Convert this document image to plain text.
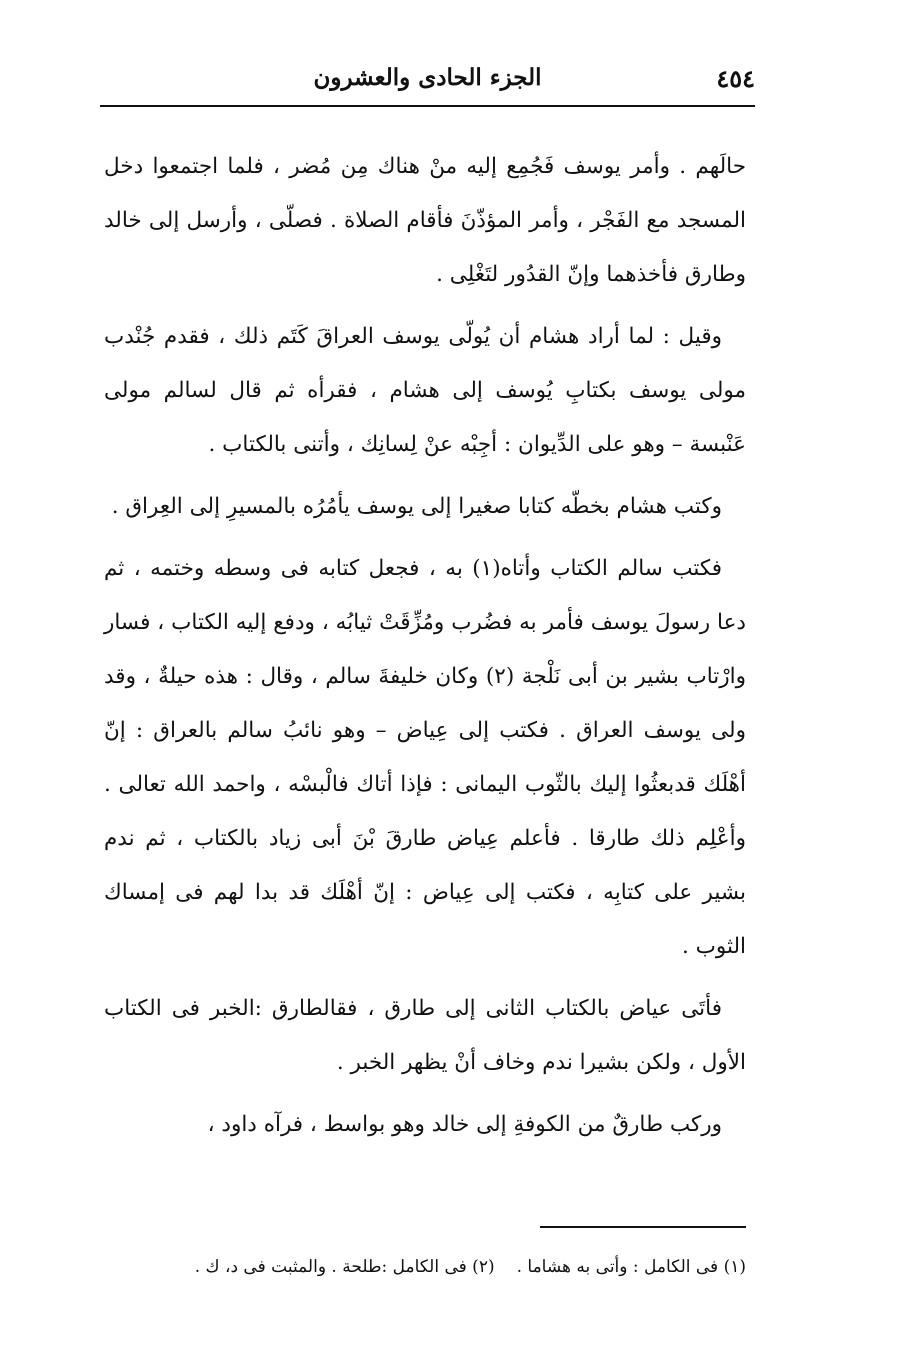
٤٥٤
الجزء الحادى والعشرون

حالَهم . وأمر يوسف فَجُمِع إليه منْ هناك مِن مُضر ، فلما اجتمعوا دخل المسجد مع الفَجْر ، وأمر المؤذّنَ فأقام الصلاة . فصلّى ، وأرسل إلى خالد وطارق فأخذهما وإنّ القدُور لتَغْلِى .

وقيل : لما أراد هشام أن يُولّى يوسف العراقَ كَتَم ذلك ، فقدم جُنْدب مولى يوسف بكتابِ يُوسف إلى هشام ، فقرأه ثم قال لسالم مولى عَنْبسة – وهو على الدِّيوان : أجِبْه عنْ لِسانِك ، وأتنى بالكتاب .

وكتب هشام بخطّه كتابا صغيرا إلى يوسف يأمُرُه بالمسيرِ إلى العِراق .

فكتب سالم الكتاب وأتاه(١) به ، فجعل كتابه فى وسطه وختمه ، ثم دعا رسولَ يوسف فأمر به فضُرب ومُزِّقَتْ ثيابُه ، ودفع إليه الكتاب ، فسار وارْتاب بشير بن أبى نَلْجة (٢) وكان خليفةَ سالم ، وقال : هذه حيلةٌ ، وقد ولى يوسف العراق . فكتب إلى عِياض – وهو نائبُ سالم بالعراق : إنّ أهْلَك قدبعثُوا إليك بالثّوب اليمانى : فإذا أتاك فالْبسْه ، واحمد الله تعالى . وأعْلِم ذلك طارقا . فأعلم عِياض طارقَ بْنَ أبى زياد بالكتاب ، ثم ندم بشير على كتابِه ، فكتب إلى عِياض : إنّ أهْلَك قد بدا لهم فى إمساك الثوب .

فأتَى عياض بالكتاب الثانى إلى طارق ، فقالطارق :الخبر فى الكتاب الأول ، ولكن بشيرا ندم وخاف أنْ يظهر الخبر .

وركب طارقٌ من الكوفةِ إلى خالد وهو بواسط ، فرآه داود ،

(١) فى الكامل : وأتى به هشاما .(٢) فى الكامل :طلحة . والمثبت فى د، ك .
